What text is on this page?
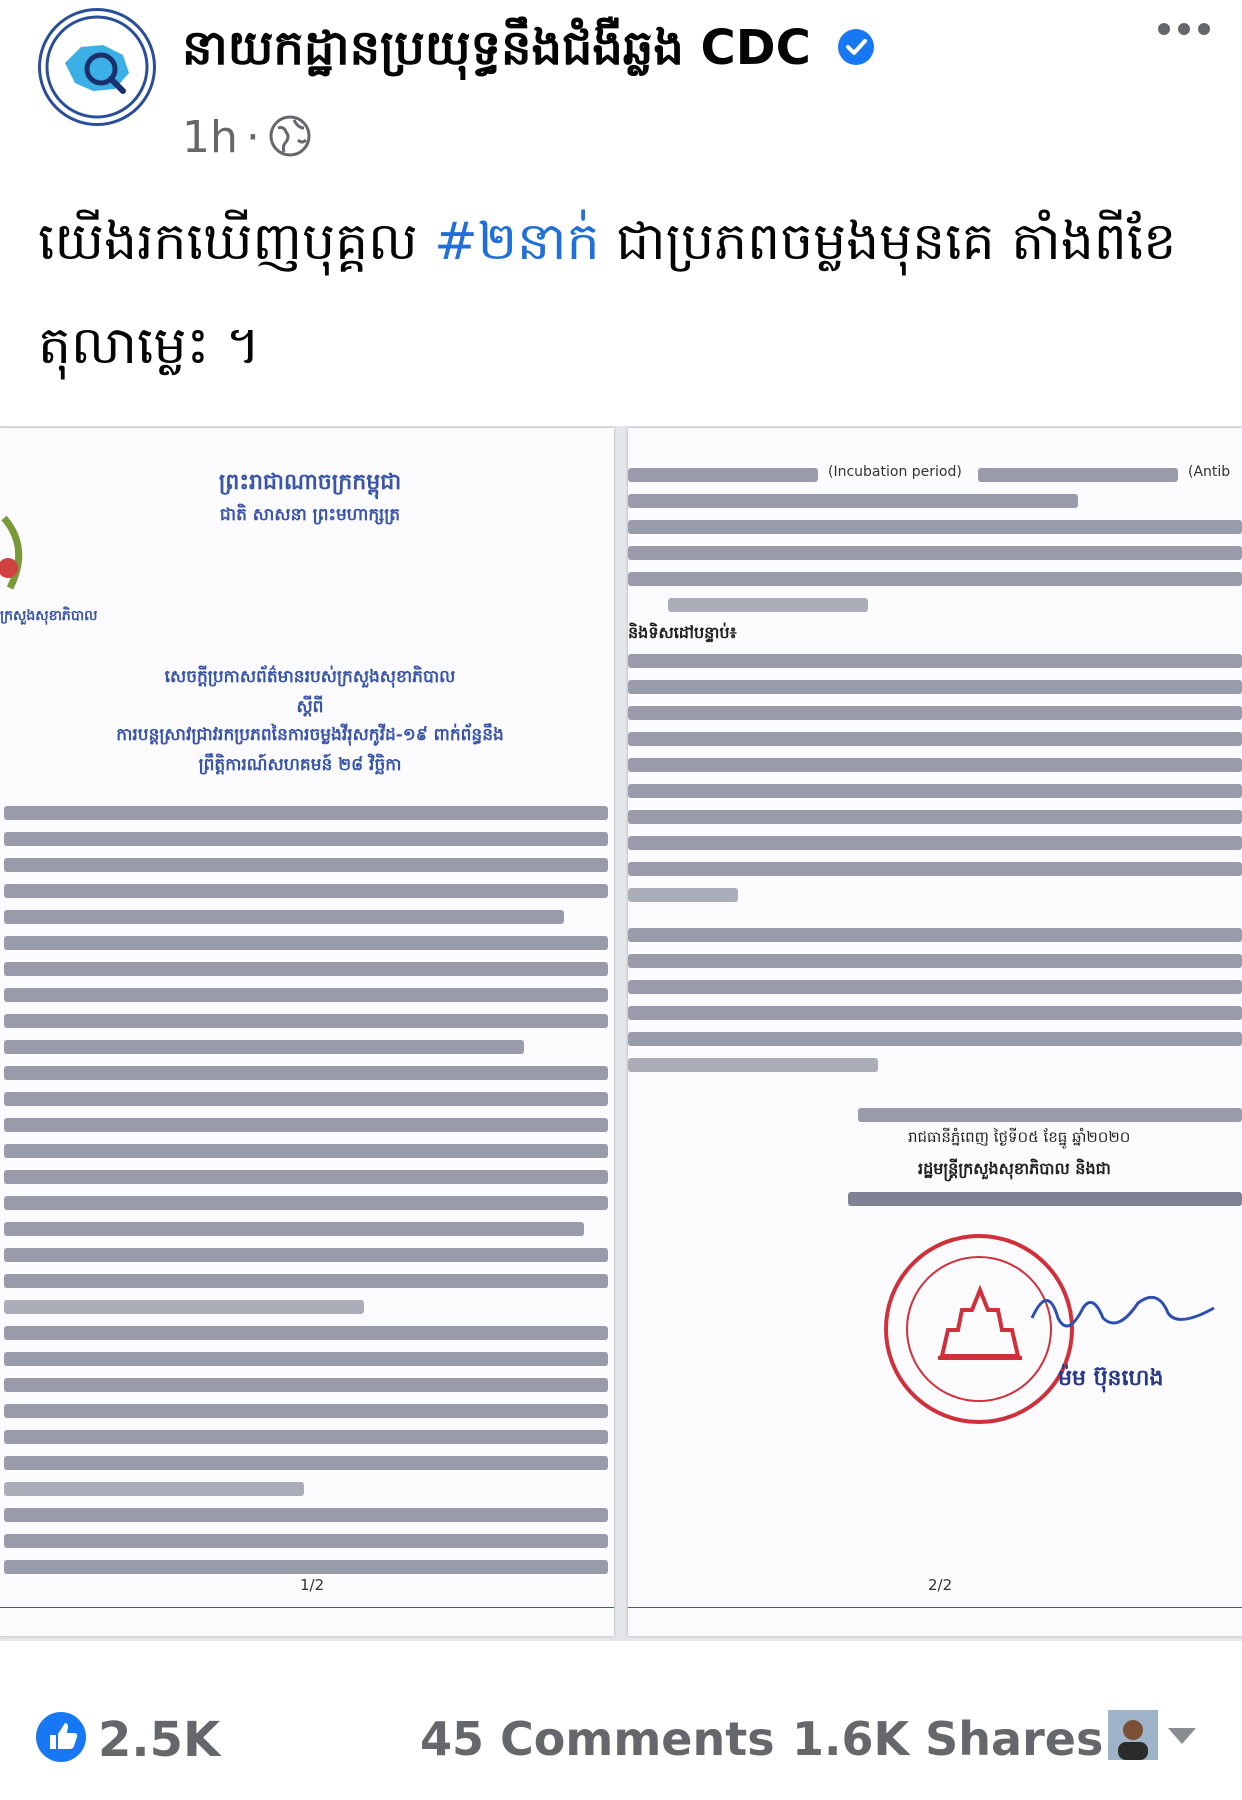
នាយកដ្ឋានប្រយុទ្ធនឹងជំងឺឆ្លង CDC
1h ·
យើងរកឃើញបុគ្គល #២នាក់ ជាប្រភពចម្លងមុនគេ តាំងពីខែតុលាម្លេះ ។
ព្រះរាជាណាចក្រកម្ពុជា
ជាតិ សាសនា ព្រះមហាក្សត្រ
ក្រសួងសុខាភិបាល
សេចក្តីប្រកាសព័ត៌មានរបស់ក្រសួងសុខាភិបាល
ស្តីពី
ការបន្តស្រាវជ្រាវរកប្រភពនៃការចម្លងវីរុសកូវីដ-១៩ ពាក់ព័ន្ធនឹង
ព្រឹត្តិការណ៍សហគមន៍ ២៨ វិច្ឆិកា
1/2
(Incubation period)	(Antib
និងទិសដៅបន្ទាប់៖
រាជធានីភ្នំពេញ ថ្ងៃទី០៥ ខែធ្នូ ឆ្នាំ២០២០
រដ្ឋមន្ត្រីក្រសួងសុខាភិបាល និងជា
ម៉ម ប៊ុនហេង
2/2
2.5K	45 Comments 1.6K Shares
